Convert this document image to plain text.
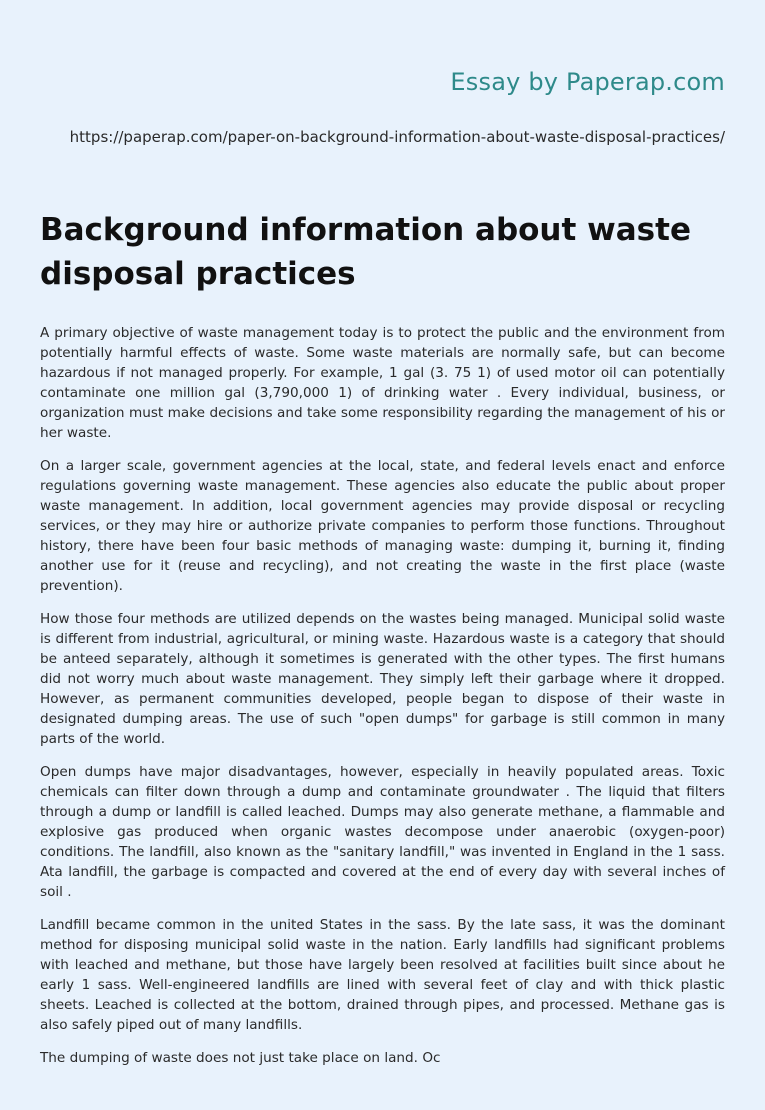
Essay by Paperap.com
https://paperap.com/paper-on-background-information-about-waste-disposal-practices/
Background information about waste disposal practices

A primary objective of waste management today is to protect the public and the environment from potentially harmful effects of waste. Some waste materials are normally safe, but can become hazardous if not managed properly. For example, 1 gal (3. 75 1) of used motor oil can potentially contaminate one million gal (3,790,000 1) of drinking water . Every individual, business, or organization must make decisions and take some responsibility regarding the management of his or her waste.

On a larger scale, government agencies at the local, state, and federal levels enact and enforce regulations governing waste management. These agencies also educate the public about proper waste management. In addition, local government agencies may provide disposal or recycling services, or they may hire or authorize private companies to perform those functions. Throughout history, there have been four basic methods of managing waste: dumping it, burning it, finding another use for it (reuse and recycling), and not creating the waste in the first place (waste prevention).

How those four methods are utilized depends on the wastes being managed. Municipal solid waste is different from industrial, agricultural, or mining waste. Hazardous waste is a category that should be anteed separately, although it sometimes is generated with the other types. The first humans did not worry much about waste management. They simply left their garbage where it dropped. However, as permanent communities developed, people began to dispose of their waste in designated dumping areas. The use of such "open dumps" for garbage is still common in many parts of the world.

Open dumps have major disadvantages, however, especially in heavily populated areas. Toxic chemicals can filter down through a dump and contaminate groundwater . The liquid that filters through a dump or landfill is called leached. Dumps may also generate methane, a flammable and explosive gas produced when organic wastes decompose under anaerobic (oxygen-poor) conditions. The landfill, also known as the "sanitary landfill," was invented in England in the 1 sass. Ata landfill, the garbage is compacted and covered at the end of every day with several inches of soil .

Landfill became common in the united States in the sass. By the late sass, it was the dominant method for disposing municipal solid waste in the nation. Early landfills had significant problems with leached and methane, but those have largely been resolved at facilities built since about he early 1 sass. Well-engineered landfills are lined with several feet of clay and with thick plastic sheets. Leached is collected at the bottom, drained through pipes, and processed. Methane gas is also safely piped out of many landfills.

The dumping of waste does not just take place on land. Oc
